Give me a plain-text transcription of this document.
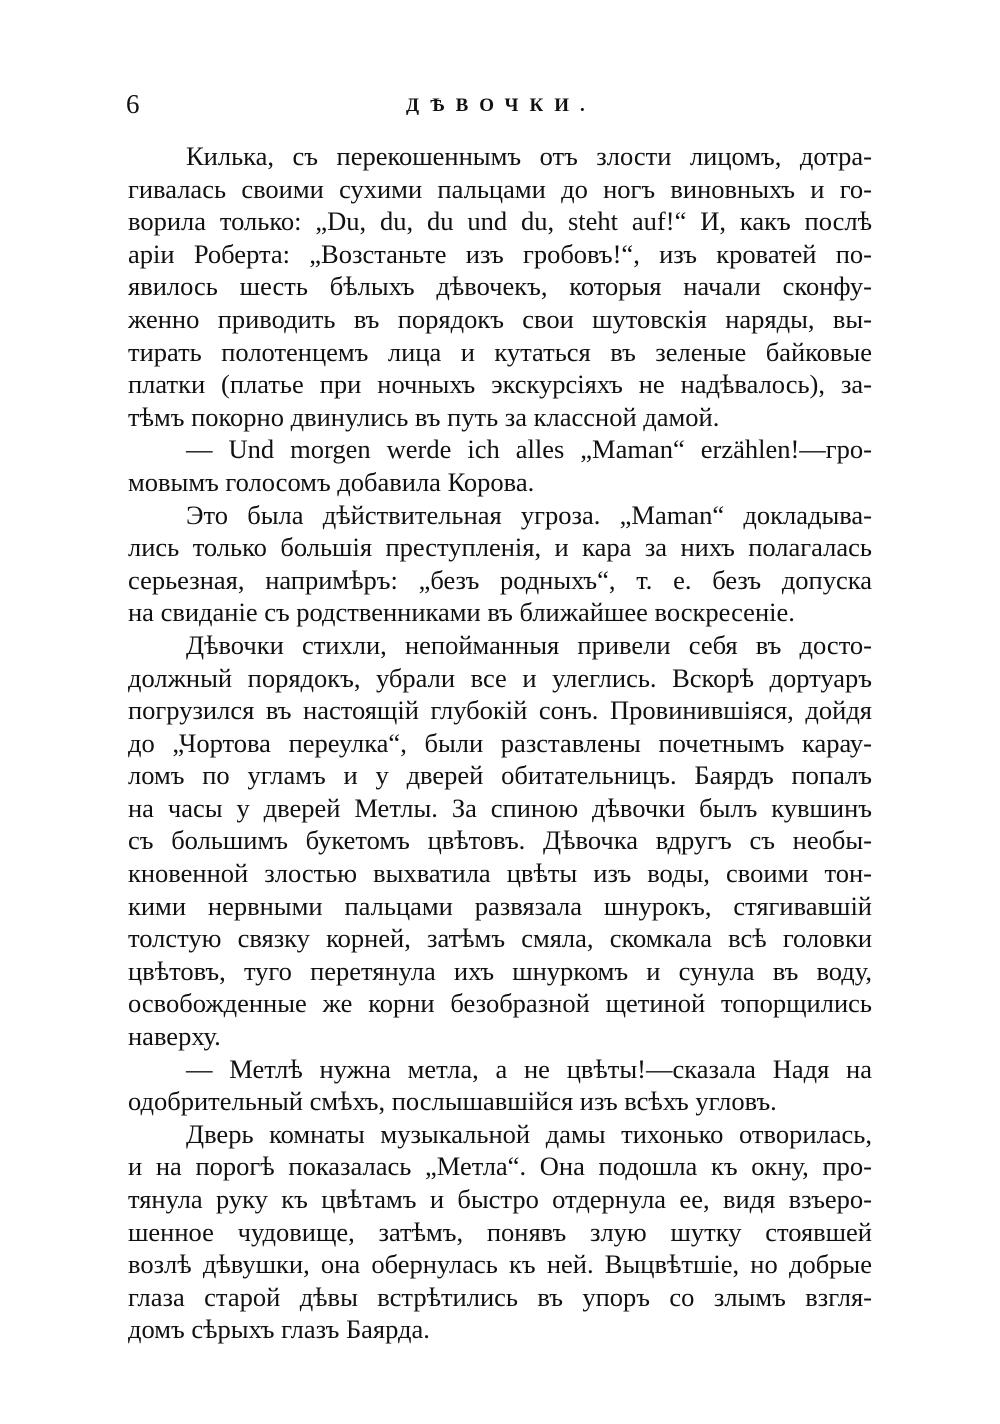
6	ДѢВОЧКИ.
Килька, съ перекошеннымъ отъ злости лицомъ, дотра-
гивалась своими сухими пальцами до ногъ виновныхъ и го-
ворила только: „Du, du, du und du, steht auf!“ И, какъ послѣ
аріи Роберта: „Возстаньте изъ гробовъ!“, изъ кроватей по-
явилось шесть бѣлыхъ дѣвочекъ, которыя начали сконфу-
женно приводить въ порядокъ свои шутовскія наряды, вы-
тирать полотенцемъ лица и кутаться въ зеленые байковые
платки (платье при ночныхъ экскурсіяхъ не надѣвалось), за-
тѣмъ покорно двинулись въ путь за классной дамой.
— Und morgen werde ich alles „Maman“ erzählen!—гро-
мовымъ голосомъ добавила Корова.
Это была дѣйствительная угроза. „Maman“ докладыва-
лись только большія преступленія, и кара за нихъ полагалась
серьезная, напримѣръ: „безъ родныхъ“, т. е. безъ допуска
на свиданіе съ родственниками въ ближайшее воскресеніе.
Дѣвочки стихли, непойманныя привели себя въ досто-
должный порядокъ, убрали все и улеглись. Вскорѣ дортуаръ
погрузился въ настоящій глубокій сонъ. Провинившіяся, дойдя
до „Чортова переулка“, были разставлены почетнымъ карау-
ломъ по угламъ и у дверей обитательницъ. Баярдъ попалъ
на часы у дверей Метлы. За спиною дѣвочки былъ кувшинъ
съ большимъ букетомъ цвѣтовъ. Дѣвочка вдругъ съ необы-
кновенной злостью выхватила цвѣты изъ воды, своими тон-
кими нервными пальцами развязала шнурокъ, стягивавшій
толстую связку корней, затѣмъ смяла, скомкала всѣ головки
цвѣтовъ, туго перетянула ихъ шнуркомъ и сунула въ воду,
освобожденные же корни безобразной щетиной топорщились
наверху.
— Метлѣ нужна метла, а не цвѣты!—сказала Надя на
одобрительный смѣхъ, послышавшійся изъ всѣхъ угловъ.
Дверь комнаты музыкальной дамы тихонько отворилась,
и на порогѣ показалась „Метла“. Она подошла къ окну, про-
тянула руку къ цвѣтамъ и быстро отдернула ее, видя взъеро-
шенное чудовище, затѣмъ, понявъ злую шутку стоявшей
возлѣ дѣвушки, она обернулась къ ней. Выцвѣтшіе, но добрые
глаза старой дѣвы встрѣтились въ упоръ со злымъ взгля-
домъ сѣрыхъ глазъ Баярда.
